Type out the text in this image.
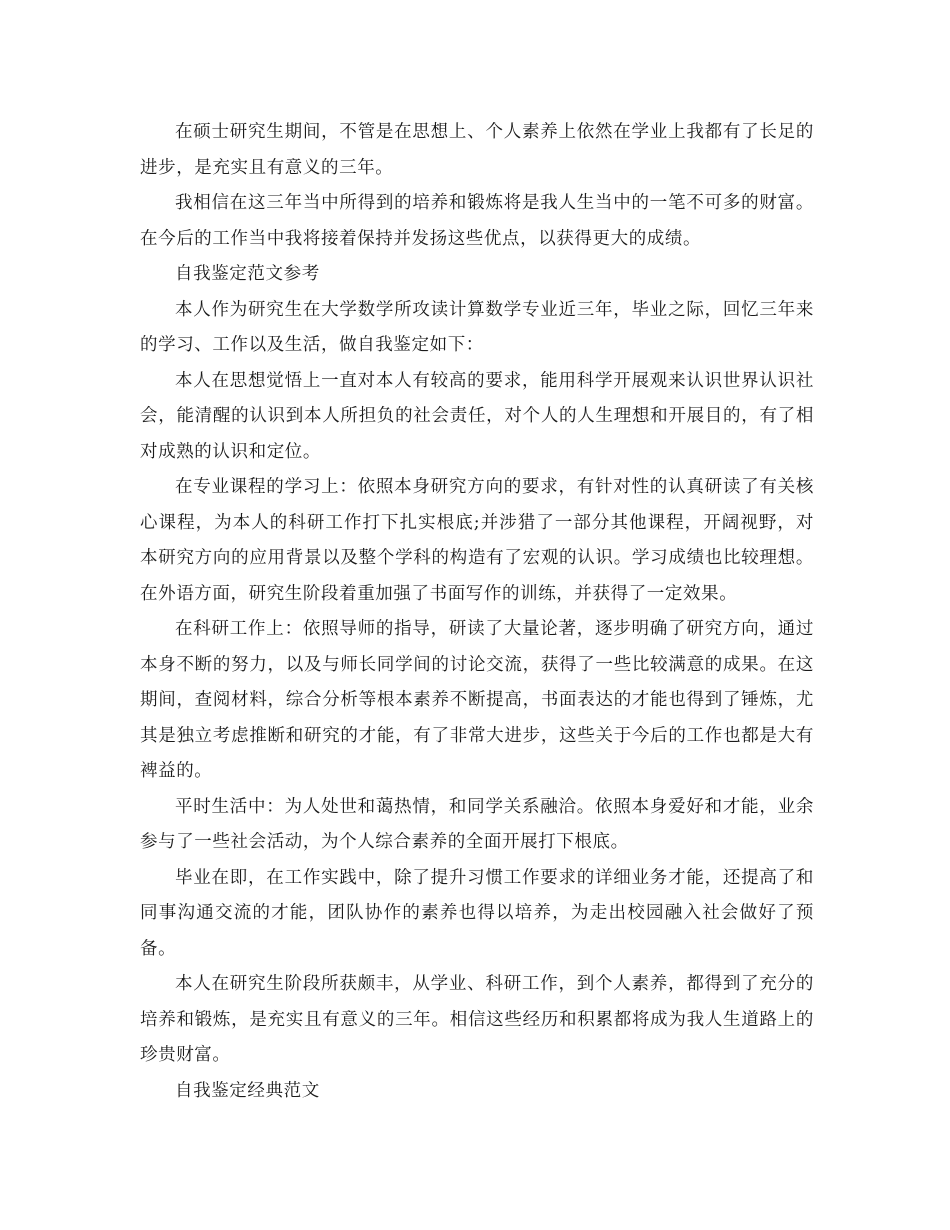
在硕士研究生期间，不管是在思想上、个人素养上依然在学业上我都有了长足的进步，是充实且有意义的三年。

我相信在这三年当中所得到的培养和锻炼将是我人生当中的一笔不可多的财富。在今后的工作当中我将接着保持并发扬这些优点，以获得更大的成绩。

自我鉴定范文参考

本人作为研究生在大学数学所攻读计算数学专业近三年，毕业之际，回忆三年来的学习、工作以及生活，做自我鉴定如下：

本人在思想觉悟上一直对本人有较高的要求，能用科学开展观来认识世界认识社会，能清醒的认识到本人所担负的社会责任，对个人的人生理想和开展目的，有了相对成熟的认识和定位。

在专业课程的学习上：依照本身研究方向的要求，有针对性的认真研读了有关核心课程，为本人的科研工作打下扎实根底;并涉猎了一部分其他课程，开阔视野，对本研究方向的应用背景以及整个学科的构造有了宏观的认识。学习成绩也比较理想。在外语方面，研究生阶段着重加强了书面写作的训练，并获得了一定效果。

在科研工作上：依照导师的指导，研读了大量论著，逐步明确了研究方向，通过本身不断的努力，以及与师长同学间的讨论交流，获得了一些比较满意的成果。在这期间，查阅材料，综合分析等根本素养不断提高，书面表达的才能也得到了锤炼，尤其是独立考虑推断和研究的才能，有了非常大进步，这些关于今后的工作也都是大有裨益的。

平时生活中：为人处世和蔼热情，和同学关系融洽。依照本身爱好和才能，业余参与了一些社会活动，为个人综合素养的全面开展打下根底。

毕业在即，在工作实践中，除了提升习惯工作要求的详细业务才能，还提高了和同事沟通交流的才能，团队协作的素养也得以培养，为走出校园融入社会做好了预备。

本人在研究生阶段所获颇丰，从学业、科研工作，到个人素养，都得到了充分的培养和锻炼，是充实且有意义的三年。相信这些经历和积累都将成为我人生道路上的珍贵财富。

自我鉴定经典范文
